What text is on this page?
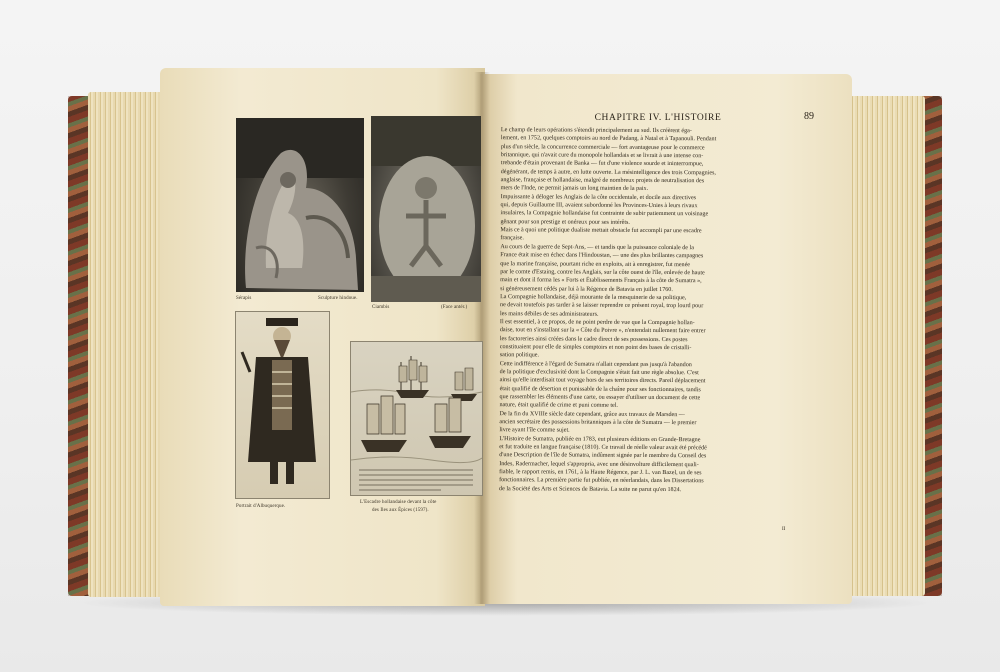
Sérapis	Sculpture hindoue.
Ciambis	(Face antér.)
Portrait d'Albuquerque.
L'Escadre hollandaise devant la côte
des Iles aux Épices (1597).
CHAPITRE IV. L'HISTOIRE	89
Le champ de leurs opérations s'étendit principalement au sud. Ils créèrent éga-
lement, en 1752, quelques comptoirs au nord de Padang, à Natal et à Tapanouli. Pendant
plus d'un siècle, la concurrence commerciale — fort avantageuse pour le commerce
britannique, qui n'avait cure du monopole hollandais et se livrait à une intense con-
trebande d'étain provenant de Banka — fut d'une violence sourde et ininterrompue,
dégénérant, de temps à autre, en lutte ouverte. La mésintelligence des trois Compagnies,
anglaise, française et hollandaise, malgré de nombreux projets de neutralisation des
mers de l'Inde, ne permit jamais un long maintien de la paix.
Impuissante à déloger les Anglais de la côte occidentale, et docile aux directives
qui, depuis Guillaume III, avaient subordonné les Provinces-Unies à leurs rivaux
insulaires, la Compagnie hollandaise fut contrainte de subir patiemment un voisinage
gênant pour son prestige et onéreux pour ses intérêts.
Mais ce à quoi une politique dualiste mettait obstacle fut accompli par une escadre
française.
Au cours de la guerre de Sept-Ans, — et tandis que la puissance coloniale de la
France était mise en échec dans l'Hindoustan, — une des plus brillantes campagnes
que la marine française, pourtant riche en exploits, ait à enregistrer, fut menée
par le comte d'Estaing, contre les Anglais, sur la côte ouest de l'île, enlevée de haute
main et dont il forma les « Forts et Établissements Français à la côte de Sumatra »,
si généreusement cédés par lui à la Régence de Batavia en juillet 1760.
La Compagnie hollandaise, déjà mourante de la mesquinerie de sa politique,
ne devait toutefois pas tarder à se laisser reprendre ce présent royal, trop lourd pour
les mains débiles de ses administrateurs.
Il est essentiel, à ce propos, de ne point perdre de vue que la Compagnie hollan-
daise, tout en s'installant sur la « Côte du Poivre », n'entendait nullement faire entrer
les factoreries ainsi créées dans le cadre direct de ses possessions. Ces postes
constituaient pour elle de simples comptoirs et non point des bases de cristalli-
sation politique.
Cette indifférence à l'égard de Sumatra n'allait cependant pas jusqu'à l'abandon
de la politique d'exclusivité dont la Compagnie s'était fait une règle absolue. C'est
ainsi qu'elle interdisait tout voyage hors de ses territoires directs. Pareil déplacement
était qualifié de désertion et punissable de la chaîne pour ses fonctionnaires, tandis
que rassembler les éléments d'une carte, ou essayer d'utiliser un document de cette
nature, était qualifié de crime et puni comme tel.
De la fin du XVIIIe siècle date cependant, grâce aux travaux de Marsden —
ancien secrétaire des possessions britanniques à la côte de Sumatra — le premier
livre ayant l'île comme sujet.
L'Histoire de Sumatra, publiée en 1783, eut plusieurs éditions en Grande-Bretagne
et fut traduite en langue française (1810). Ce travail de réelle valeur avait été précédé
d'une Description de l'île de Sumatra, indûment signée par le membre du Conseil des
Indes, Radermacher, lequel s'appropria, avec une désinvolture difficilement quali-
fiable, le rapport remis, en 1761, à la Haute Régence, par J. L. van Bazel, un de ses
fonctionnaires. La première partie fut publiée, en néerlandais, dans les Dissertations
de la Société des Arts et Sciences de Batavia. La suite ne parut qu'en 1824.
II
